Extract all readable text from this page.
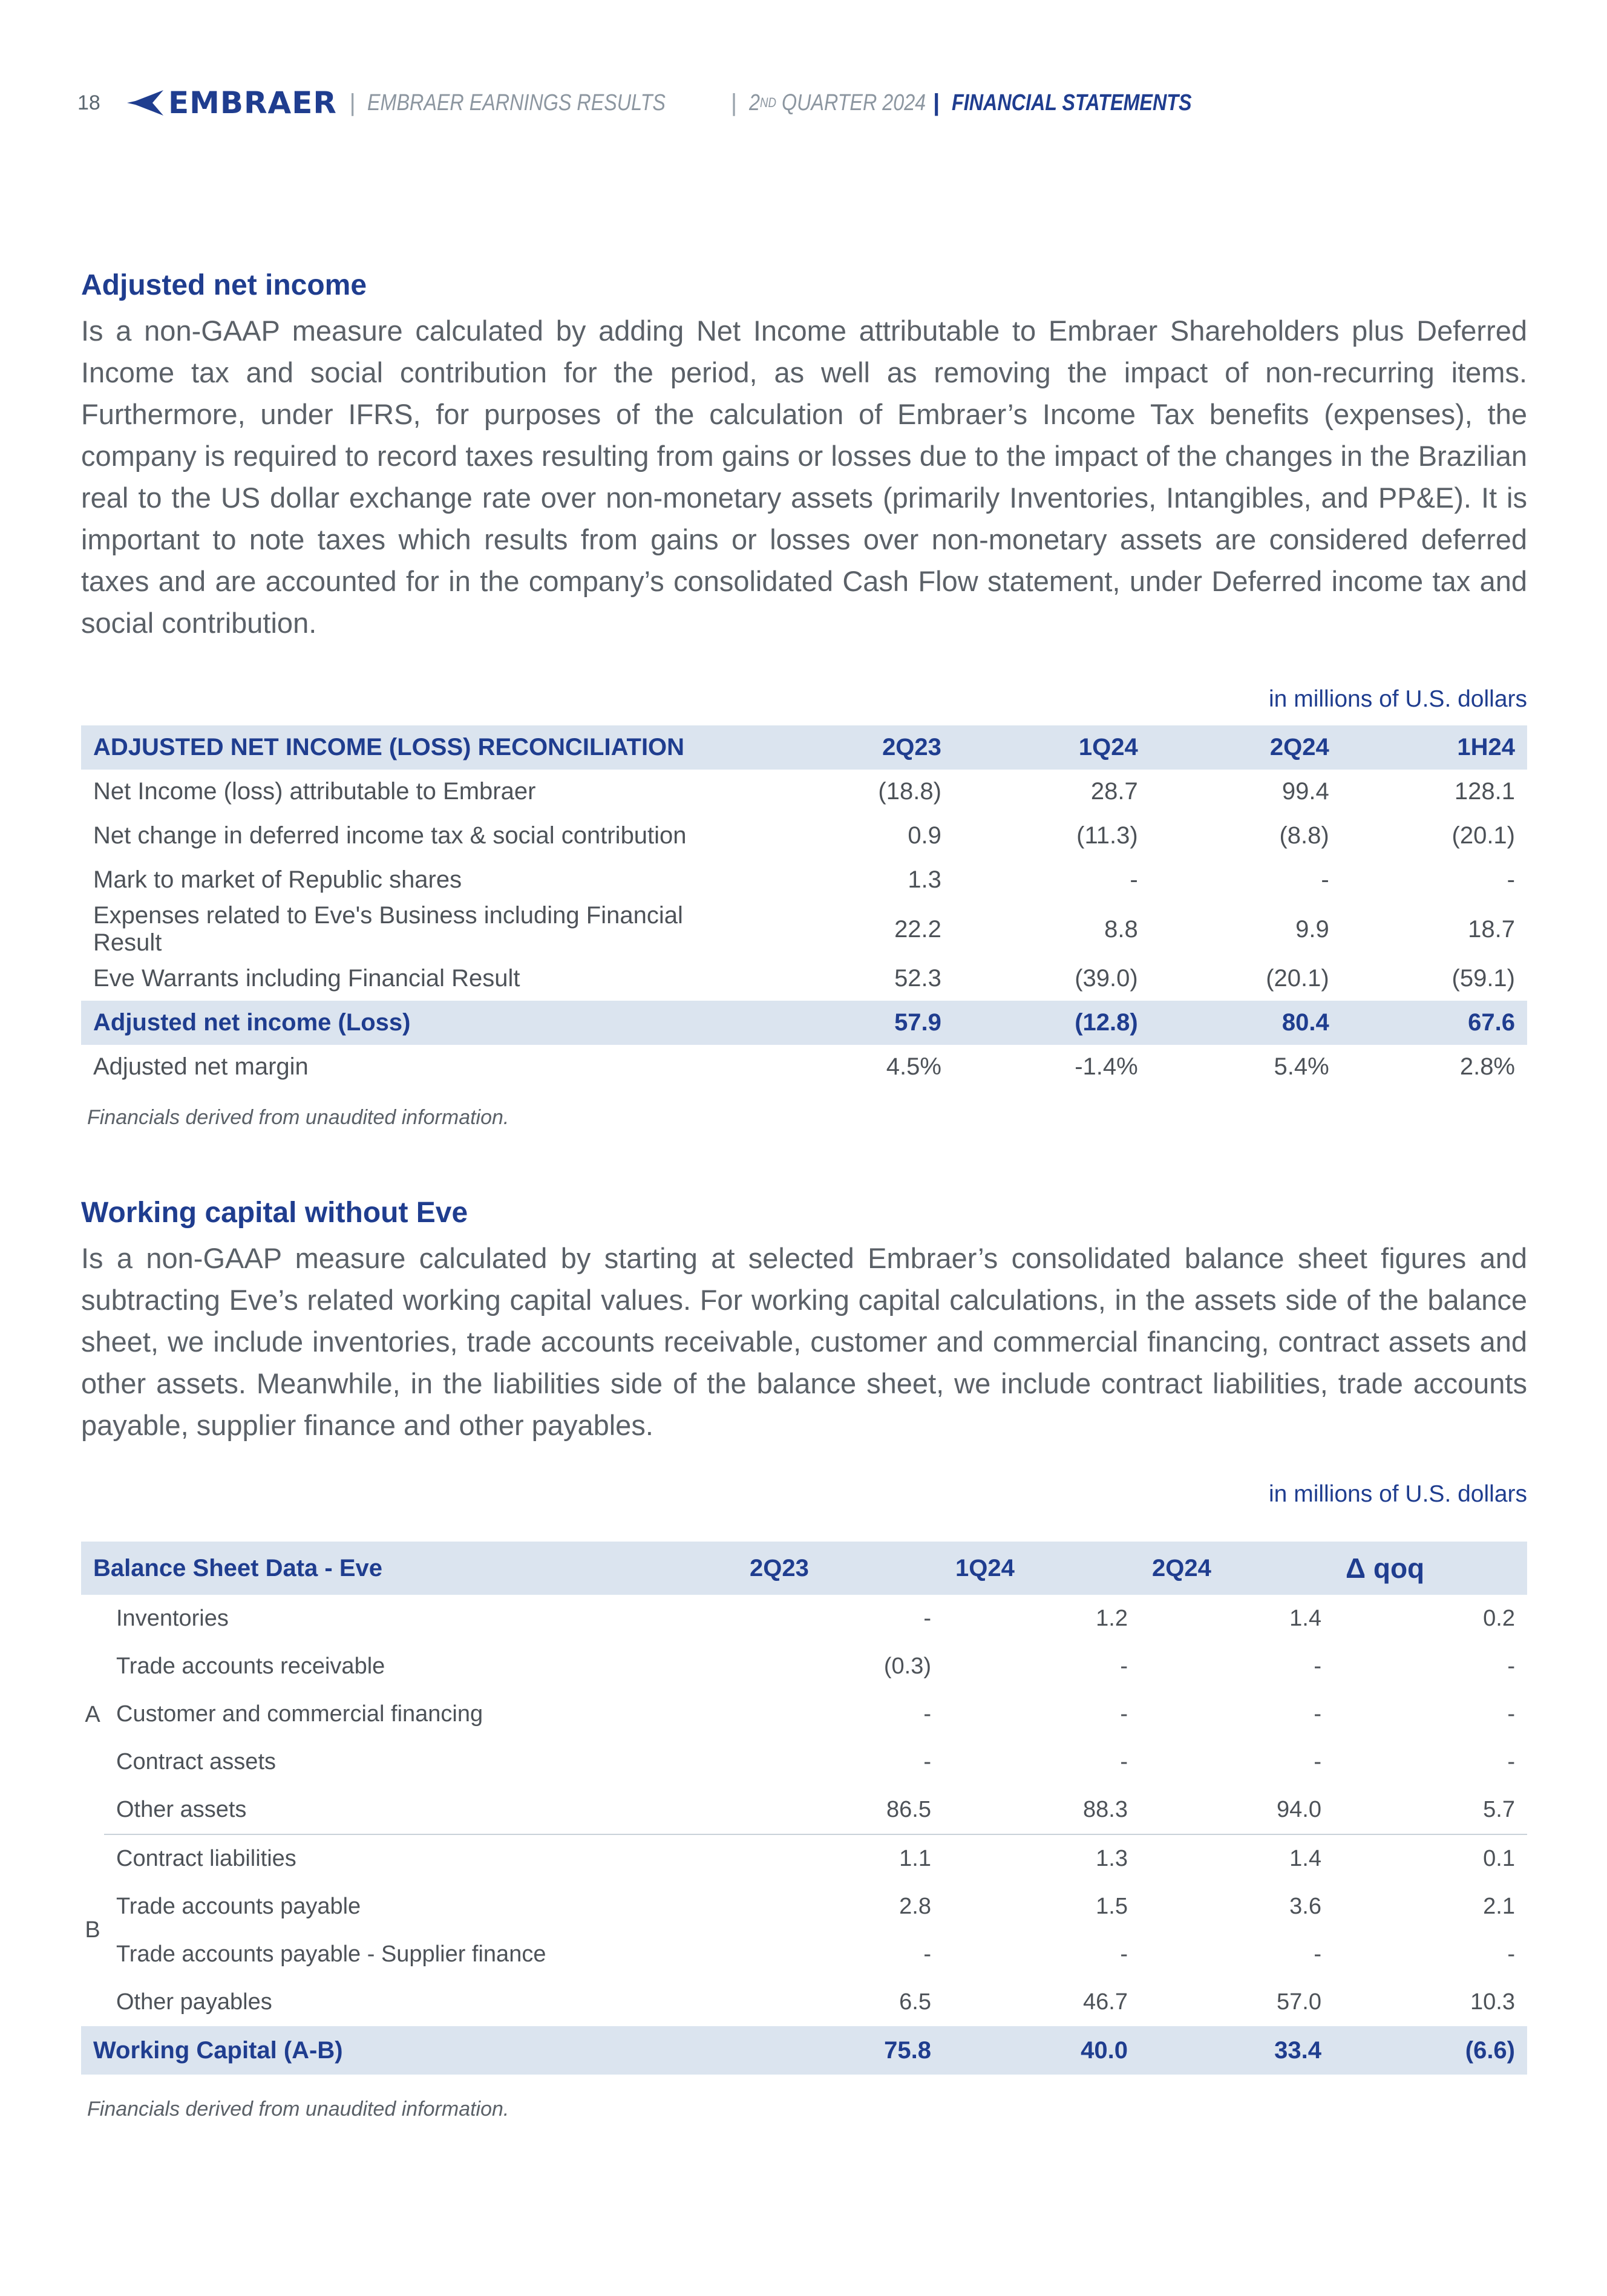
18	EMBRAER | EMBRAER EARNINGS RESULTS	| 2 ND
QUARTER 2024 | FINANCIAL STATEMENTS
Adjusted net income
Is a non-GAAP measure calculated by adding Net Income attributable to Embraer Shareholders plus Deferred Income tax and social contribution for the period, as well as removing the impact of non-recurring items. Furthermore, under IFRS, for purposes of the calculation of Embraer’s Income Tax benefits (expenses), the company is required to record taxes resulting from gains or losses due to the impact of the changes in the Brazilian real to the US dollar exchange rate over non-monetary assets (primarily Inventories, Intangibles, and PP&E). It is important to note taxes which results from gains or losses over non-monetary assets are considered deferred taxes and are accounted for in the company’s consolidated Cash Flow statement, under Deferred income tax and social contribution.
in millions of U.S. dollars
ADJUSTED NET INCOME (LOSS) RECONCILIATION	2Q23	1Q24	2Q24	1H24
Net Income (loss) attributable to Embraer	(18.8)	28.7	99.4	128.1
Net change in deferred income tax & social contribution	0.9	(11.3)	(8.8)	(20.1)
Mark to market of Republic shares	1.3	-	-	-
Expenses related to Eve's Business including Financial Result	22.2	8.8	9.9	18.7
Eve Warrants including Financial Result	52.3	(39.0)	(20.1)	(59.1)
Adjusted net income (Loss)	57.9	(12.8)	80.4	67.6
Adjusted net margin	4.5%	-1.4%	5.4%	2.8%
Financials derived from unaudited information.
Working capital without Eve
Is a non-GAAP measure calculated by starting at selected Embraer’s consolidated balance sheet figures and subtracting Eve’s related working capital values. For working capital calculations, in the assets side of the balance sheet, we include inventories, trade accounts receivable, customer and commercial financing, contract assets and other assets. Meanwhile, in the liabilities side of the balance sheet, we include contract liabilities, trade accounts payable, supplier finance and other payables.
in millions of U.S. dollars
Balance Sheet Data - Eve		2Q23	1Q24	2Q24	Δ qoq
A	Inventories	-	1.2	1.4	0.2
	Trade accounts receivable	(0.3)	-	-	-
	Customer and commercial financing	-	-	-	-
	Contract assets	-	-	-	-
	Other assets	86.5	88.3	94.0	5.7
B	Contract liabilities	1.1	1.3	1.4	0.1
	Trade accounts payable	2.8	1.5	3.6	2.1
	Trade accounts payable - Supplier finance	-	-	-	-
	Other payables	6.5	46.7	57.0	10.3
Working Capital (A-B)		75.8	40.0	33.4	(6.6)
Financials derived from unaudited information.
